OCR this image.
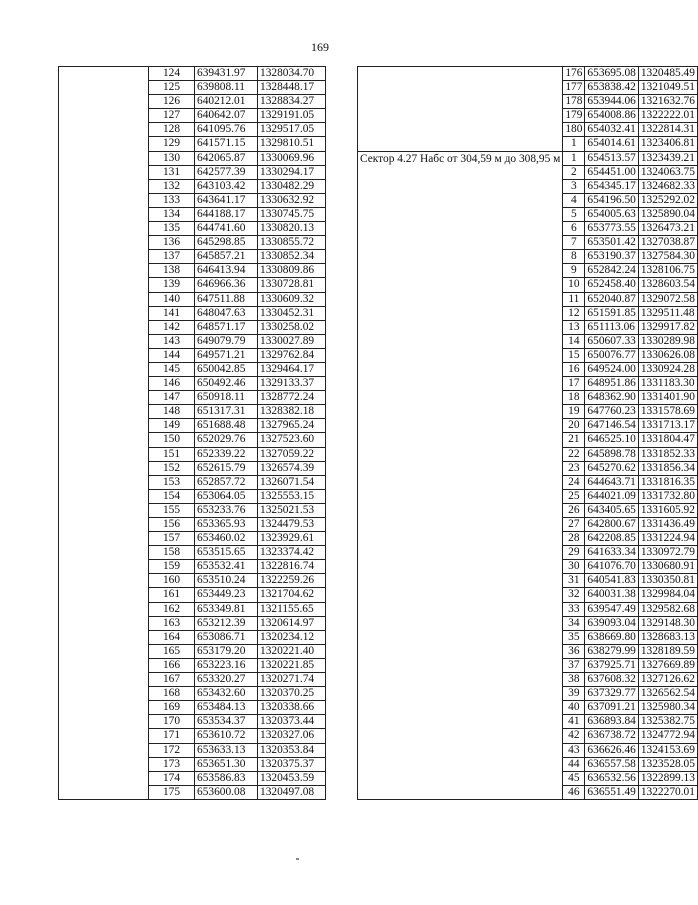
169
	124	639431.97	1328034.70
	125	639808.11	1328448.17
	126	640212.01	1328834.27
	127	640642.07	1329191.05
	128	641095.76	1329517.05
	129	641571.15	1329810.51
	130	642065.87	1330069.96
	131	642577.39	1330294.17
	132	643103.42	1330482.29
	133	643641.17	1330632.92
	134	644188.17	1330745.75
	135	644741.60	1330820.13
	136	645298.85	1330855.72
	137	645857.21	1330852.34
	138	646413.94	1330809.86
	139	646966.36	1330728.81
	140	647511.88	1330609.32
	141	648047.63	1330452.31
	142	648571.17	1330258.02
	143	649079.79	1330027.89
	144	649571.21	1329762.84
	145	650042.85	1329464.17
	146	650492.46	1329133.37
	147	650918.11	1328772.24
	148	651317.31	1328382.18
	149	651688.48	1327965.24
	150	652029.76	1327523.60
	151	652339.22	1327059.22
	152	652615.79	1326574.39
	153	652857.72	1326071.54
	154	653064.05	1325553.15
	155	653233.76	1325021.53
	156	653365.93	1324479.53
	157	653460.02	1323929.61
	158	653515.65	1323374.42
	159	653532.41	1322816.74
	160	653510.24	1322259.26
	161	653449.23	1321704.62
	162	653349.81	1321155.65
	163	653212.39	1320614.97
	164	653086.71	1320234.12
	165	653179.20	1320221.40
	166	653223.16	1320221.85
	167	653320.27	1320271.74
	168	653432.60	1320370.25
	169	653484.13	1320338.66
	170	653534.37	1320373.44
	171	653610.72	1320327.06
	172	653633.13	1320353.84
	173	653651.30	1320375.37
	174	653586.83	1320453.59
	175	653600.08	1320497.08
	176	653695.08	1320485.49
	177	653838.42	1321049.51
	178	653944.06	1321632.76
	179	654008.86	1322222.01
	180	654032.41	1322814.31
	1	654014.61	1323406.81
Сектор 4.27 Набс от 304,59 м до 308,95 м	1	654513.57	1323439.21
	2	654451.00	1324063.75
	3	654345.17	1324682.33
	4	654196.50	1325292.02
	5	654005.63	1325890.04
	6	653773.55	1326473.21
	7	653501.42	1327038.87
	8	653190.37	1327584.30
	9	652842.24	1328106.75
	10	652458.40	1328603.54
	11	652040.87	1329072.58
	12	651591.85	1329511.48
	13	651113.06	1329917.82
	14	650607.33	1330289.98
	15	650076.77	1330626.08
	16	649524.00	1330924.28
	17	648951.86	1331183.30
	18	648362.90	1331401.90
	19	647760.23	1331578.69
	20	647146.54	1331713.17
	21	646525.10	1331804.47
	22	645898.78	1331852.33
	23	645270.62	1331856.34
	24	644643.71	1331816.35
	25	644021.09	1331732.80
	26	643405.65	1331605.92
	27	642800.67	1331436.49
	28	642208.85	1331224.94
	29	641633.34	1330972.79
	30	641076.70	1330680.91
	31	640541.83	1330350.81
	32	640031.38	1329984.04
	33	639547.49	1329582.68
	34	639093.04	1329148.30
	35	638669.80	1328683.13
	36	638279.99	1328189.59
	37	637925.71	1327669.89
	38	637608.32	1327126.62
	39	637329.77	1326562.54
	40	637091.21	1325980.34
	41	636893.84	1325382.75
	42	636738.72	1324772.94
	43	636626.46	1324153.69
	44	636557.58	1323528.05
	45	636532.56	1322899.13
	46	636551.49	1322270.01
